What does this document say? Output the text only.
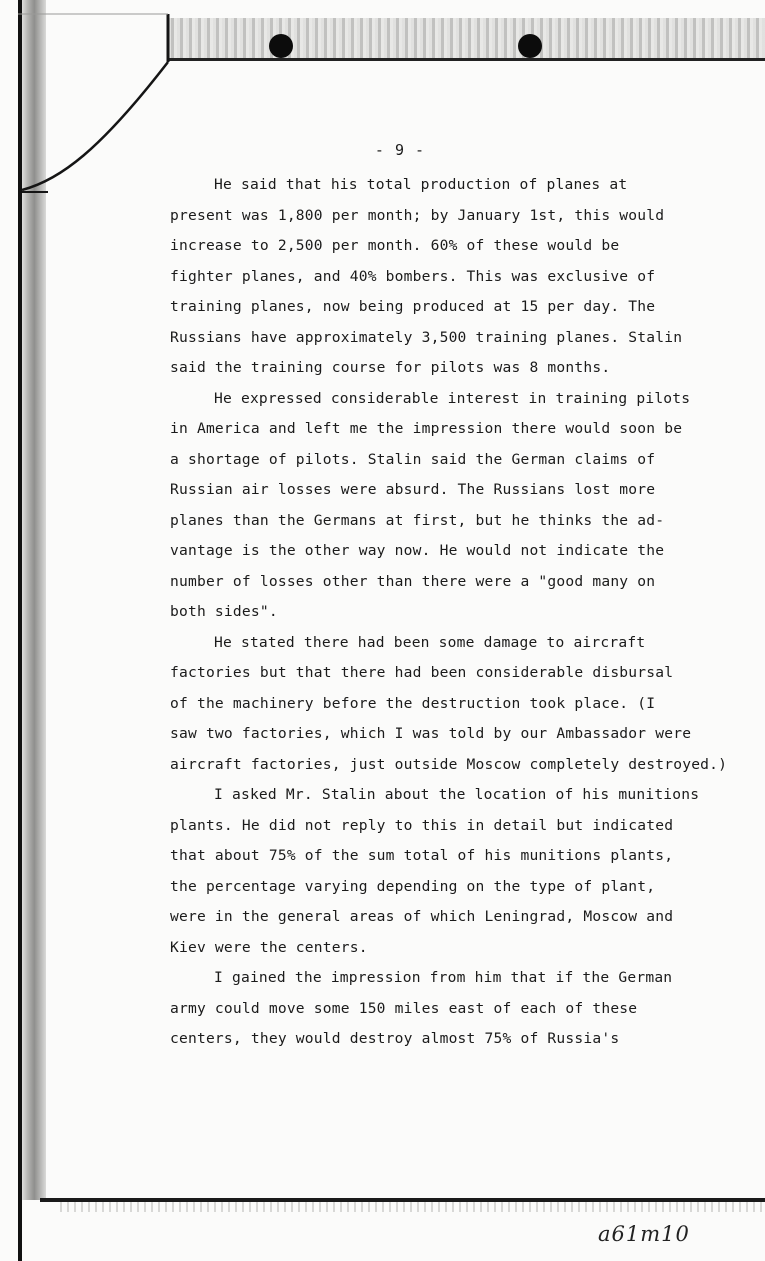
- 9 -
He said that his total production of planes at
present was 1,800 per month; by January 1st, this would
increase to 2,500 per month. 60% of these would be
fighter planes, and 40% bombers. This was exclusive of
training planes, now being produced at 15 per day. The
Russians have approximately 3,500 training planes. Stalin
said the training course for pilots was 8 months.
He expressed considerable interest in training pilots
in America and left me the impression there would soon be
a shortage of pilots. Stalin said the German claims of
Russian air losses were absurd. The Russians lost more
planes than the Germans at first, but he thinks the ad-
vantage is the other way now. He would not indicate the
number of losses other than there were a "good many on
both sides".
He stated there had been some damage to aircraft
factories but that there had been considerable disbursal
of the machinery before the destruction took place. (I
saw two factories, which I was told by our Ambassador were
aircraft factories, just outside Moscow completely destroyed.)
I asked Mr. Stalin about the location of his munitions
plants. He did not reply to this in detail but indicated
that about 75% of the sum total of his munitions plants,
the percentage varying depending on the type of plant,
were in the general areas of which Leningrad, Moscow and
Kiev were the centers.
I gained the impression from him that if the German
army could move some 150 miles east of each of these
centers, they would destroy almost 75% of Russia's
a61m10
